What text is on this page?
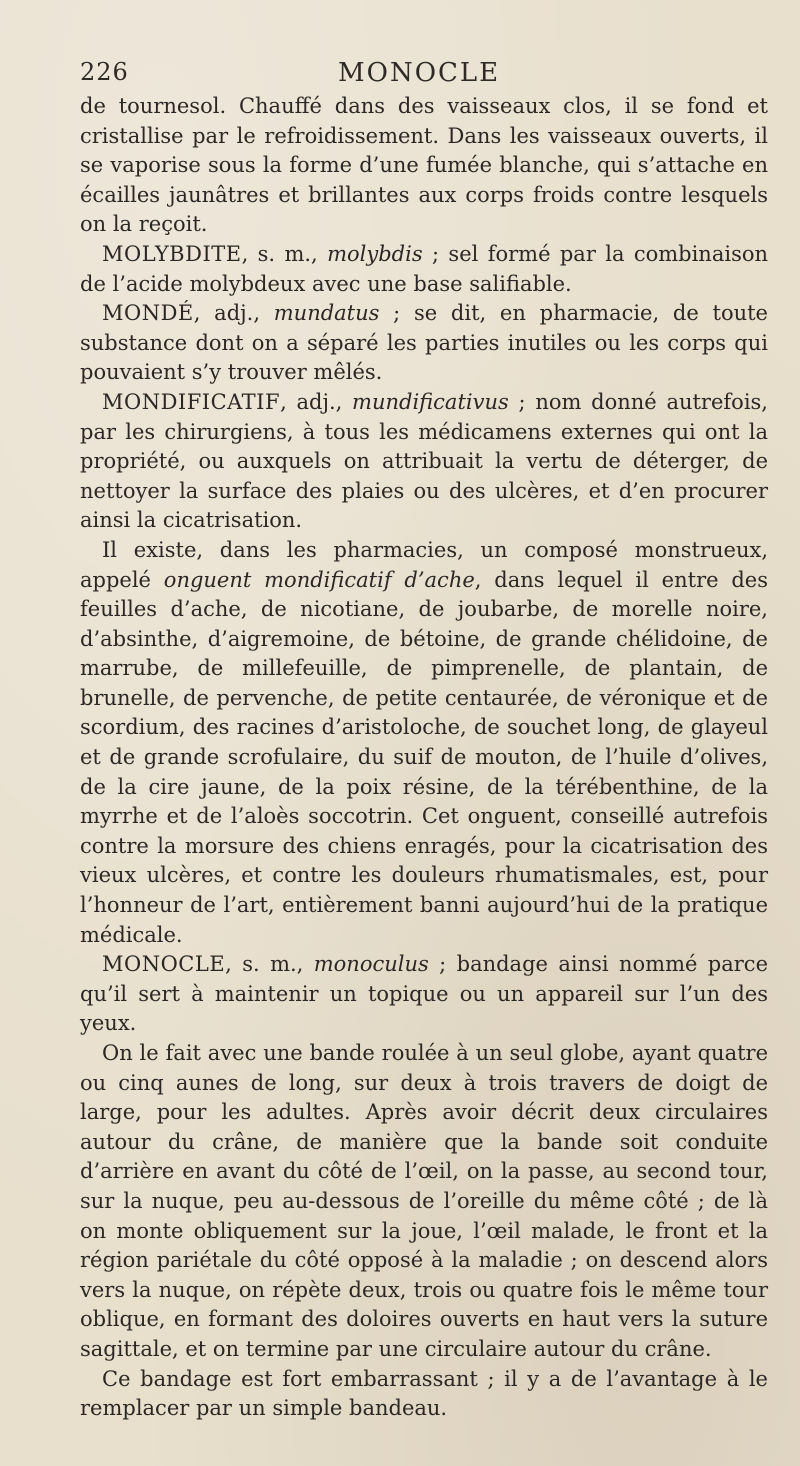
226	MONOCLE

de tournesol. Chauffé dans des vaisseaux clos, il se fond et cristallise par le refroidissement. Dans les vaisseaux ouverts, il se vaporise sous la forme d’une fumée blanche, qui s’attache en écailles jaunâtres et brillantes aux corps froids contre lesquels on la reçoit.

MOLYBDITE, s. m., molybdis ; sel formé par la combinaison de l’acide molybdeux avec une base salifiable.

MONDÉ, adj., mundatus ; se dit, en pharmacie, de toute substance dont on a séparé les parties inutiles ou les corps qui pouvaient s’y trouver mêlés.

MONDIFICATIF, adj., mundificativus ; nom donné autrefois, par les chirurgiens, à tous les médicamens externes qui ont la propriété, ou auxquels on attribuait la vertu de déterger, de nettoyer la surface des plaies ou des ulcères, et d’en procurer ainsi la cicatrisation.

Il existe, dans les pharmacies, un composé monstrueux, appelé onguent mondificatif d’ache, dans lequel il entre des feuilles d’ache, de nicotiane, de joubarbe, de morelle noire, d’absinthe, d’aigremoine, de bétoine, de grande chélidoine, de marrube, de millefeuille, de pimprenelle, de plantain, de brunelle, de pervenche, de petite centaurée, de véronique et de scordium, des racines d’aristoloche, de souchet long, de glayeul et de grande scrofulaire, du suif de mouton, de l’huile d’olives, de la cire jaune, de la poix résine, de la térébenthine, de la myrrhe et de l’aloès soccotrin. Cet onguent, conseillé autrefois contre la morsure des chiens enragés, pour la cicatrisation des vieux ulcères, et contre les douleurs rhumatismales, est, pour l’honneur de l’art, entièrement banni aujourd’hui de la pratique médicale.

MONOCLE, s. m., monoculus ; bandage ainsi nommé parce qu’il sert à maintenir un topique ou un appareil sur l’un des yeux.

On le fait avec une bande roulée à un seul globe, ayant quatre ou cinq aunes de long, sur deux à trois travers de doigt de large, pour les adultes. Après avoir décrit deux circulaires autour du crâne, de manière que la bande soit conduite d’arrière en avant du côté de l’œil, on la passe, au second tour, sur la nuque, peu au-dessous de l’oreille du même côté ; de là on monte obliquement sur la joue, l’œil malade, le front et la région pariétale du côté opposé à la maladie ; on descend alors vers la nuque, on répète deux, trois ou quatre fois le même tour oblique, en formant des doloires ouverts en haut vers la suture sagittale, et on termine par une circulaire autour du crâne.

Ce bandage est fort embarrassant ; il y a de l’avantage à le remplacer par un simple bandeau.
